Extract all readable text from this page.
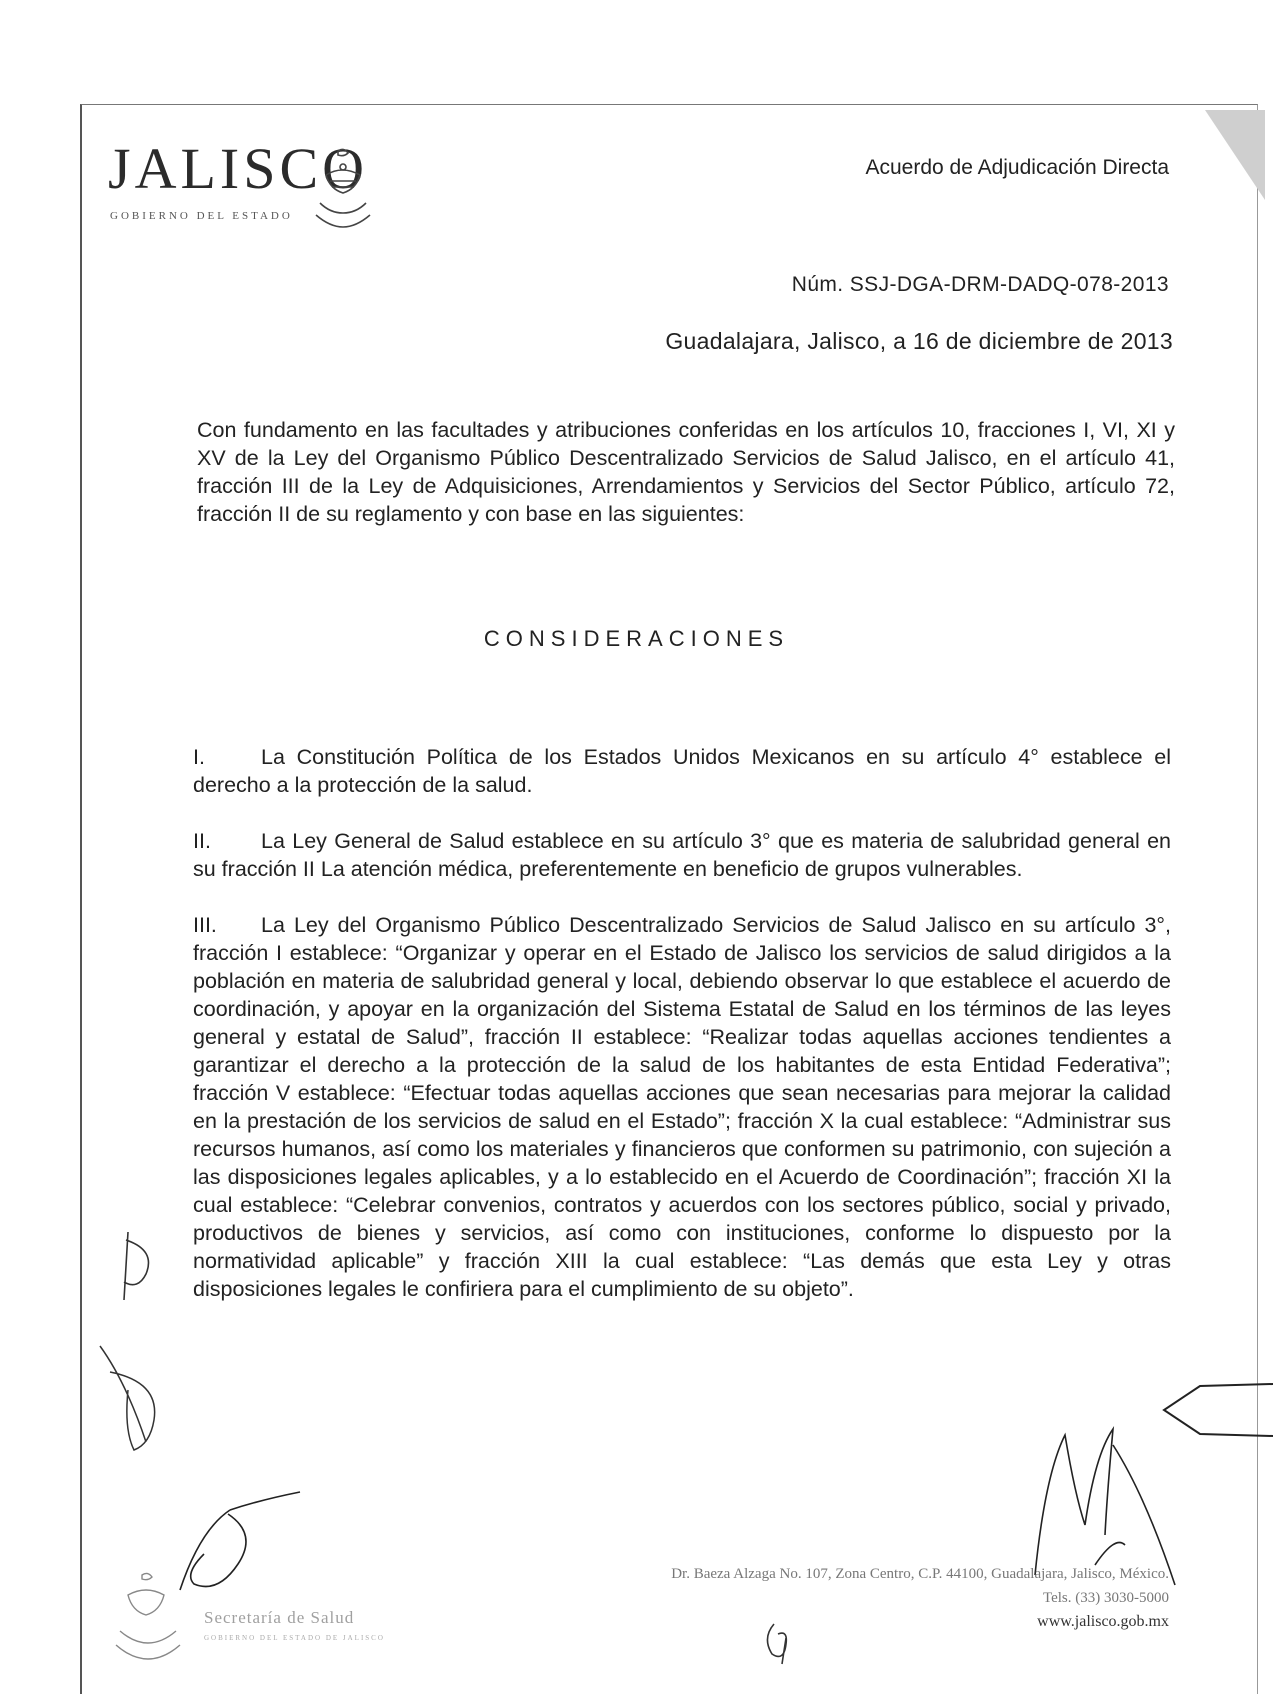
JALISCO
GOBIERNO DEL ESTADO
Acuerdo de Adjudicación Directa
Núm. SSJ-DGA-DRM-DADQ-078-2013
Guadalajara, Jalisco, a 16 de diciembre de 2013

Con fundamento en las facultades y atribuciones conferidas en los artículos 10, fracciones I, VI, XI y XV de la Ley del Organismo Público Descentralizado Servicios de Salud Jalisco, en el artículo 41, fracción III de la Ley de Adquisiciones, Arrendamientos y Servicios del Sector Público, artículo 72, fracción II de su reglamento y con base en las siguientes:

CONSIDERACIONES
I.	La Constitución Política de los Estados Unidos Mexicanos en su artículo 4° establece el derecho a la protección de la salud.
II.	La Ley General de Salud establece en su artículo 3° que es materia de salubridad general en su fracción II La atención médica, preferentemente en beneficio de grupos vulnerables.
III.	La Ley del Organismo Público Descentralizado Servicios de Salud Jalisco en su artículo 3°, fracción I establece: “Organizar y operar en el Estado de Jalisco los servicios de salud dirigidos a la población en materia de salubridad general y local, debiendo observar lo que establece el acuerdo de coordinación, y apoyar en la organización del Sistema Estatal de Salud en los términos de las leyes general y estatal de Salud”, fracción II establece: “Realizar todas aquellas acciones tendientes a garantizar el derecho a la protección de la salud de los habitantes de esta Entidad Federativa”; fracción V establece: “Efectuar todas aquellas acciones que sean necesarias para mejorar la calidad en la prestación de los servicios de salud en el Estado”; fracción X la cual establece: “Administrar sus recursos humanos, así como los materiales y financieros que conformen su patrimonio, con sujeción a las disposiciones legales aplicables, y a lo establecido en el Acuerdo de Coordinación”; fracción XI la cual establece: “Celebrar convenios, contratos y acuerdos con los sectores público, social y privado, productivos de bienes y servicios, así como con instituciones, conforme lo dispuesto por la normatividad aplicable” y fracción XIII la cual establece: “Las demás que esta Ley y otras disposiciones legales le confiriera para el cumplimiento de su objeto”.
Secretaría de Salud
GOBIERNO DEL ESTADO DE JALISCO
Dr. Baeza Alzaga No. 107, Zona Centro, C.P. 44100, Guadalajara, Jalisco, México.
Tels. (33) 3030-5000
www.jalisco.gob.mx
